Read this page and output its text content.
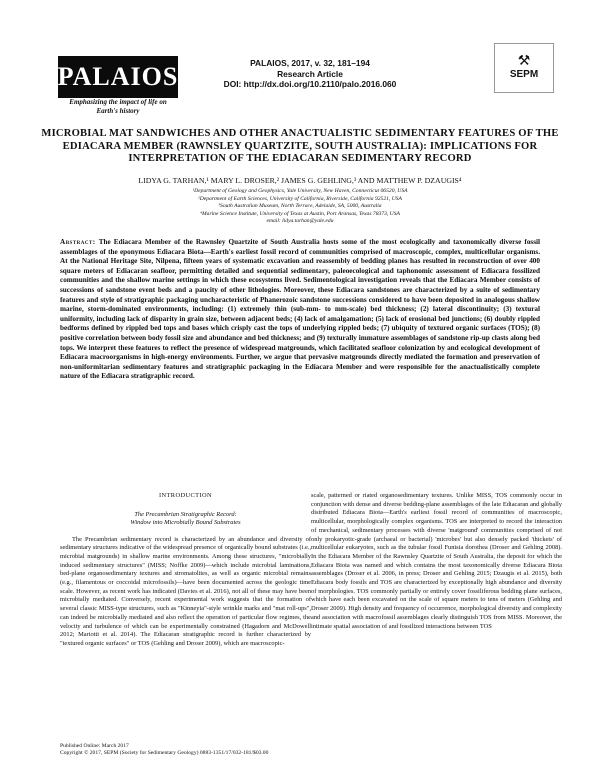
PALAIOS
Emphasizing the impact of life on Earth's history
PALAIOS, 2017, v. 32, 181–194
Research Article
DOI: http://dx.doi.org/10.2110/palo.2016.060
⚒
SEPM
MICROBIAL MAT SANDWICHES AND OTHER ANACTUALISTIC SEDIMENTARY FEATURES OF THE EDIACARA MEMBER (RAWNSLEY QUARTZITE, SOUTH AUSTRALIA): IMPLICATIONS FOR INTERPRETATION OF THE EDIACARAN SEDIMENTARY RECORD
LIDYA G. TARHAN,¹ MARY L. DROSER,² JAMES G. GEHLING,³ AND MATTHEW P. DZAUGIS⁴
¹Department of Geology and Geophysics, Yale University, New Haven, Connecticut 06520, USA
²Department of Earth Sciences, University of California, Riverside, California 92521, USA
³South Australian Museum, North Terrace, Adelaide, SA, 5000, Australia
⁴Marine Science Institute, University of Texas at Austin, Port Aransas, Texas 78373, USA
email: lidya.tarhan@yale.edu
Abstract: The Ediacara Member of the Rawnsley Quartzite of South Australia hosts some of the most ecologically and taxonomically diverse fossil assemblages of the eponymous Ediacara Biota—Earth's earliest fossil record of communities comprised of macroscopic, complex, multicellular organisms. At the National Heritage Site, Nilpena, fifteen years of systematic excavation and reassembly of bedding planes has resulted in reconstruction of over 400 square meters of Ediacaran seafloor, permitting detailed and sequential sedimentary, paleoecological and taphonomic assessment of Ediacara fossilized communities and the shallow marine settings in which these ecosystems lived. Sedimentological investigation reveals that the Ediacara Member consists of successions of sandstone event beds and a paucity of other lithologies. Moreover, these Ediacara sandstones are characterized by a suite of sedimentary features and style of stratigraphic packaging uncharacteristic of Phanerozoic sandstone successions considered to have been deposited in analogous shallow marine, storm-dominated environments, including: (1) extremely thin (sub-mm- to mm-scale) bed thickness; (2) lateral discontinuity; (3) textural uniformity, including lack of disparity in grain size, between adjacent beds; (4) lack of amalgamation; (5) lack of erosional bed junctions; (6) doubly rippled bedforms defined by rippled bed tops and bases which crisply cast the tops of underlying rippled beds; (7) ubiquity of textured organic surfaces (TOS); (8) positive correlation between body fossil size and abundance and bed thickness; and (9) texturally immature assemblages of sandstone rip-up clasts along bed tops. We interpret these features to reflect the presence of widespread matgrounds, which facilitated seafloor colonization by and ecological development of Ediacara macroorganisms in high-energy environments. Further, we argue that pervasive matgrounds directly mediated the formation and preservation of non-uniformitarian sedimentary features and stratigraphic packaging in the Ediacara Member and were responsible for the anactualistically complete nature of the Ediacara stratigraphic record.
INTRODUCTION
The Precambrian Stratigraphic Record:
Window into Microbially Bound Substrates

The Precambrian sedimentary record is characterized by an abundance and diversity of sedimentary structures indicative of the widespread presence of organically bound substrates (i.e., microbial matgrounds) in shallow marine environments. Among these structures, "microbially induced sedimentary structures" (MISS; Noffke 2009)—which include microbial laminations, bed-plane organosedimentary textures and stromatolites, as well as organic microbial remains (e.g., filamentous or coccoidal microfossils)—have been documented across the geologic time scale. However, as recent work has indicated (Davies et al. 2016), not all of these may have been microbially mediated. Conversely, recent experimental work suggests that the formation of several classic MISS-type structures, such as "Kinneyia"-style wrinkle marks and "mat roll-ups", can indeed be microbially mediated and also reflect the operation of particular flow regimes, the velocity and turbulence of which can be experimentally constrained (Hagadorn and McDowell 2012; Mariotti et al. 2014). The Ediacaran stratigraphic record is further characterized by "textured organic surfaces" or TOS (Gehling and Droser 2009), which are macroscopic-

scale, patterned or riated organosedimentary textures. Unlike MISS, TOS commonly occur in conjunction with dense and diverse bedding-plane assemblages of the late Ediacaran and globally distributed Ediacara Biota—Earth's earliest fossil record of communities of macroscopic, multicellular, morphologically complex organisms. TOS are interpreted to record the interaction of mechanical, sedimentary processes with diverse 'matground' communities comprised of not only prokaryotic-grade (archaeal or bacterial) 'microbes' but also densely packed 'thickets' of multicellular eukaryotes, such as the tubular fossil Funisia dorothea (Droser and Gehling 2008). In the Ediacara Member of the Rawnsley Quartzite of South Australia, the deposit for which the Ediacara Biota was named and which contains the most taxonomically diverse Ediacara Biota assemblages (Droser et al. 2006, in press; Droser and Gehling 2015; Dzaugis et al. 2015), both Ediacara body fossils and TOS are characterized by exceptionally high abundance and diversity of morphologies. TOS commonly partially or entirely cover fossiliferous bedding plane surfaces, which have each been excavated on the scale of square meters to tens of meters (Gehling and Droser 2009). High density and frequency of occurrence, morphological diversity and complexity and association with macrofossil assemblages clearly distinguish TOS from MISS. Moreover, the intimate spatial association of and fossilized interactions between TOS

Published Online: March 2017
Copyright © 2017, SEPM (Society for Sedimentary Geology) 0883-1351/17/032-181/$03.00
